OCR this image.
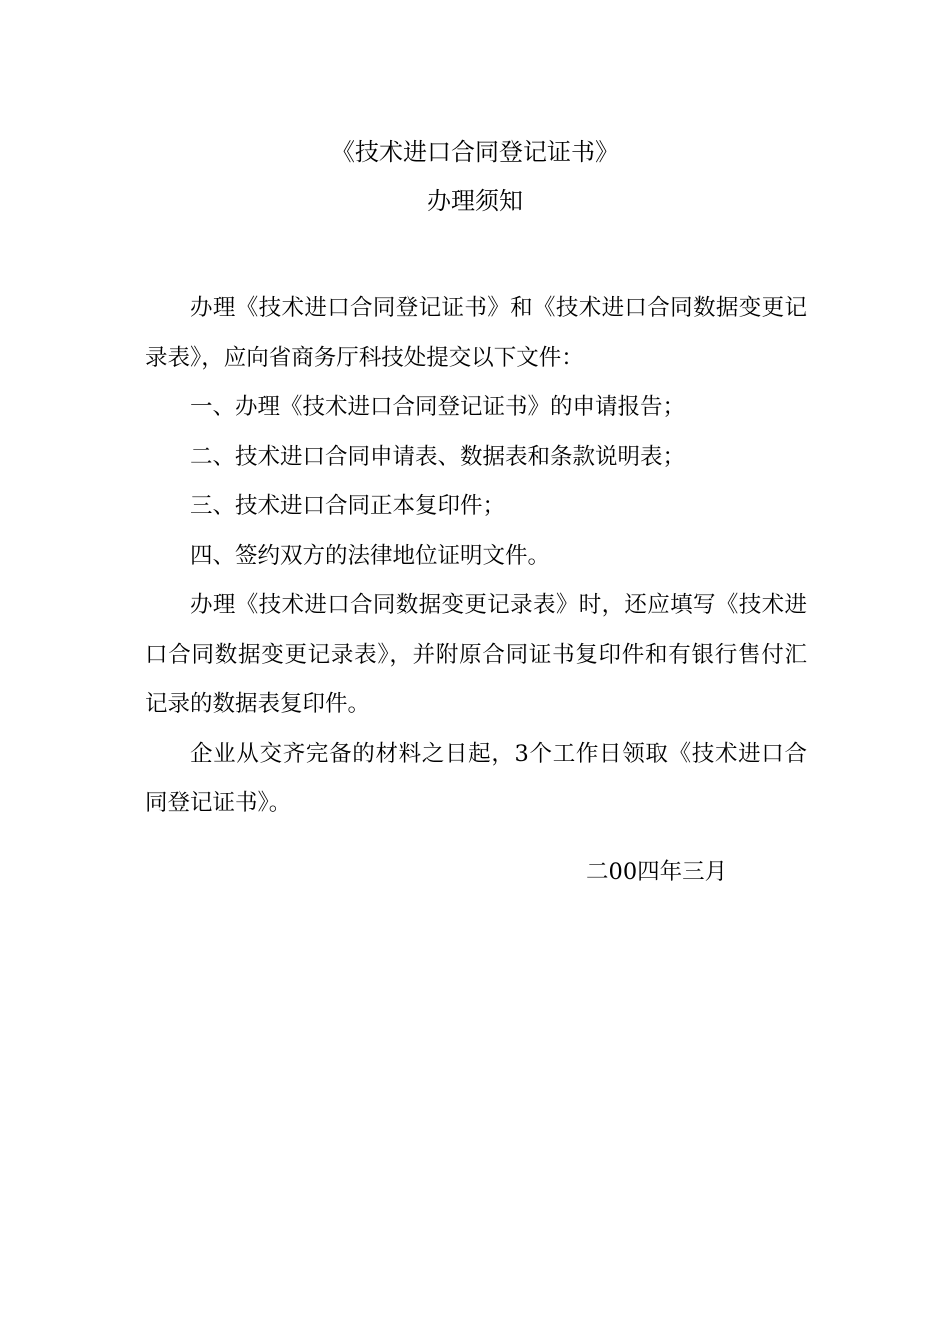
《技术进口合同登记证书》
办理须知

办理《技术进口合同登记证书》和《技术进口合同数据变更记录表》，应向省商务厅科技处提交以下文件：

一、办理《技术进口合同登记证书》的申请报告；

二、技术进口合同申请表、数据表和条款说明表；

三、技术进口合同正本复印件；

四、签约双方的法律地位证明文件。

办理《技术进口合同数据变更记录表》时，还应填写《技术进口合同数据变更记录表》，并附原合同证书复印件和有银行售付汇记录的数据表复印件。

企业从交齐完备的材料之日起，3个工作日领取《技术进口合同登记证书》。

二00四年三月
